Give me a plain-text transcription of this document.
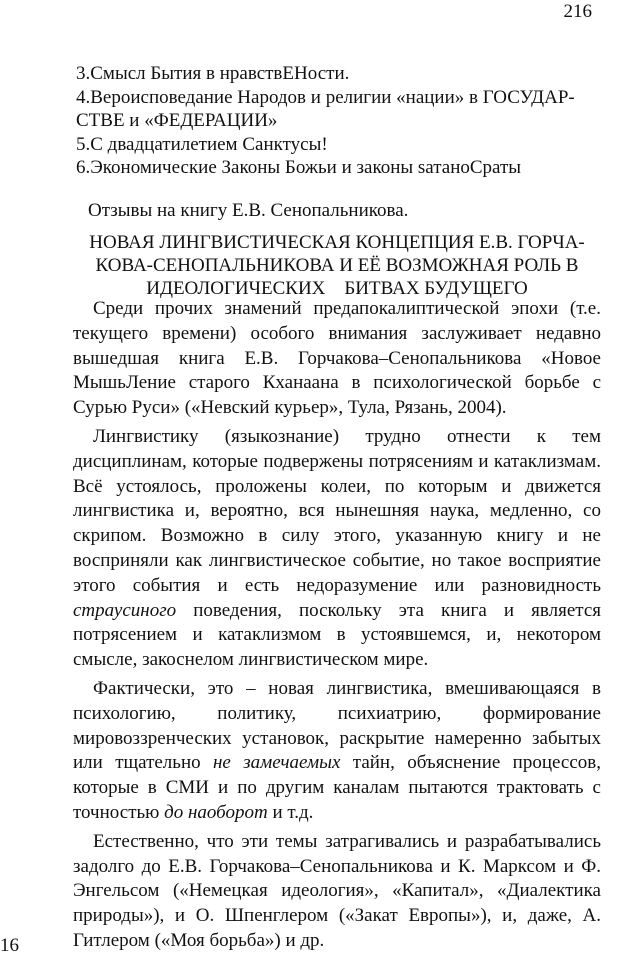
216

3.Смысл Бытия в нравствЕНости.

4.Вероисповедание Народов и религии «нации» в ГОСУДАР-СТВЕ и «ФЕДЕРАЦИИ»

5.С двадцатилетием Санктусы!

6.Экономические Законы Божьи и законы sатаноСраты

Отзывы на книгу Е.В. Сенопальникова.
НОВАЯ ЛИНГВИСТИЧЕСКАЯ КОНЦЕПЦИЯ Е.В. ГОРЧА-
КОВА-СЕНОПАЛЬНИКОВА И ЕЁ ВОЗМОЖНАЯ РОЛЬ В
ИДЕОЛОГИЧЕСКИХ    БИТВАХ БУДУЩЕГО

Среди прочих знамений предапокалиптической эпохи (т.е. текущего времени) особого внимания заслуживает недавно вышедшая книга Е.В. Горчакова–Сенопальникова «Новое МышьЛение старого Кханаана в психологической борьбе с Сурью Руси» («Невский курьер», Тула, Рязань, 2004).

Лингвистику (языкознание) трудно отнести к тем дисциплинам, которые подвержены потрясениям и катаклизмам. Всё устоялось, проложены колеи, по которым и движется лингвистика и, вероятно, вся нынешняя наука, медленно, со скрипом. Возможно в силу этого, указанную книгу и не восприняли как лингвистическое событие, но такое восприятие этого события и есть недоразумение или разновидность страусиного поведения, поскольку эта книга и является потрясением и катаклизмом в устоявшемся, и, некотором смысле, закоснелом лингвистическом мире.

Фактически, это – новая лингвистика, вмешивающаяся в психологию, политику, психиатрию, формирование мировоззренческих установок, раскрытие намеренно забытых или тщательно не замечаемых тайн, объяснение процессов, которые в СМИ и по другим каналам пытаются трактовать с точностью до наоборот и т.д.

Естественно, что эти темы затрагивались и разрабатывались задолго до Е.В. Горчакова–Сенопальникова и К. Марксом и Ф. Энгельсом («Немецкая идеология», «Капитал», «Диалектика природы»), и О. Шпенглером («Закат Европы»), и, даже, А. Гитлером («Моя борьба») и др.

16
